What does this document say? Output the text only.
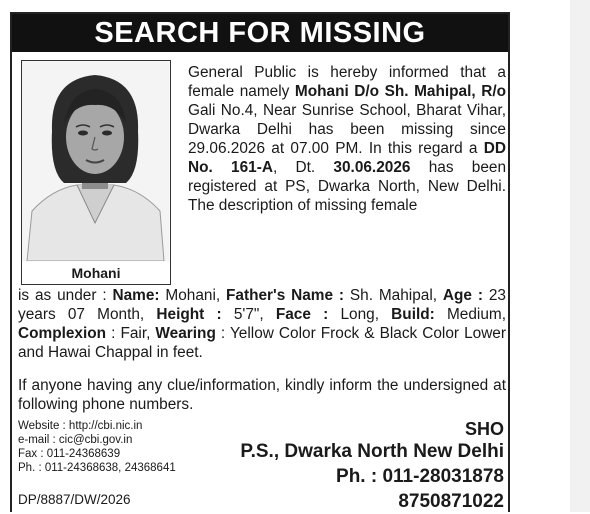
SEARCH FOR MISSING
Mohani
General Public is hereby informed that a female namely Mohani D/o Sh. Mahipal, R/o Gali No.4, Near Sunrise School, Bharat Vihar, Dwarka Delhi has been missing since 29.06.2026 at 07.00 PM. In this regard a DD No. 161-A, Dt. 30.06.2026 has been registered at PS, Dwarka North, New Delhi. The description of missing female
is as under : Name: Mohani, Father's Name : Sh. Mahipal, Age : 23 years 07 Month, Height : 5'7", Face : Long, Build: Medium, Complexion : Fair, Wearing : Yellow Color Frock & Black Color Lower and Hawai Chappal in feet.
If anyone having any clue/information, kindly inform the undersigned at following phone numbers.
Website : http://cbi.nic.in
e-mail : cic@cbi.gov.in
Fax : 011-24368639
Ph. : 011-24368638, 24368641
DP/8887/DW/2026
SHO
P.S., Dwarka North New Delhi
Ph. : 011-28031878
8750871022
